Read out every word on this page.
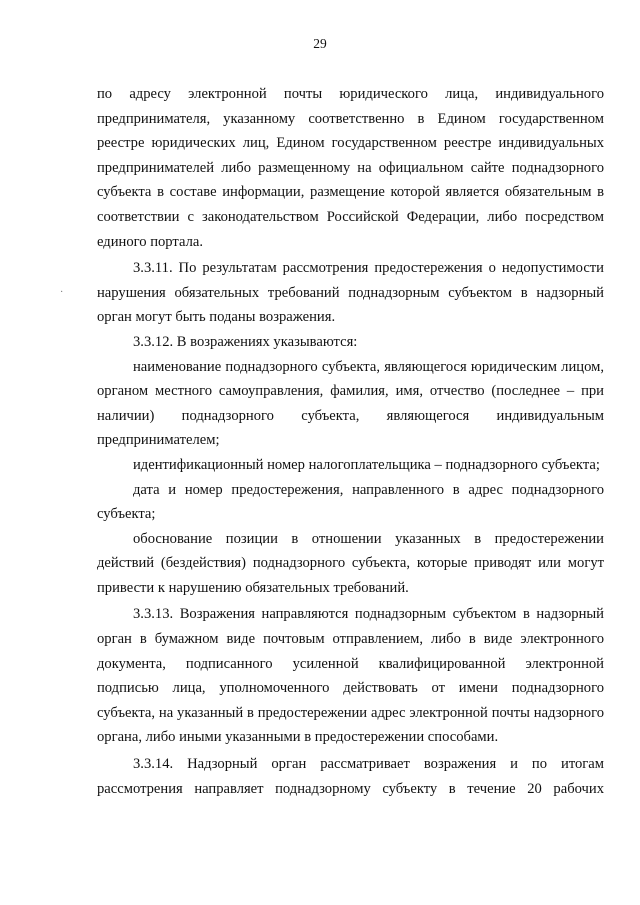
29
·

по адресу электронной почты юридического лица, индивидуального предпринимателя, указанному соответственно в Едином государственном реестре юридических лиц, Едином государственном реестре индивидуальных предпринимателей либо размещенному на официальном сайте поднадзорного субъекта в составе информации, размещение которой является обязательным в соответствии с законодательством Российской Федерации, либо посредством единого портала.

3.3.11. По результатам рассмотрения предостережения о недопустимости нарушения обязательных требований поднадзорным субъектом в надзорный орган могут быть поданы возражения.

3.3.12. В возражениях указываются:

наименование поднадзорного субъекта, являющегося юридическим лицом, органом местного самоуправления, фамилия, имя, отчество (последнее – при наличии) поднадзорного субъекта, являющегося индивидуальным предпринимателем;

идентификационный номер налогоплательщика – поднадзорного субъекта;

дата и номер предостережения, направленного в адрес поднадзорного субъекта;

обоснование позиции в отношении указанных в предостережении действий (бездействия) поднадзорного субъекта, которые приводят или могут привести к нарушению обязательных требований.

3.3.13. Возражения направляются поднадзорным субъектом в надзорный орган в бумажном виде почтовым отправлением, либо в виде электронного документа, подписанного усиленной квалифицированной электронной подписью лица, уполномоченного действовать от имени поднадзорного субъекта, на указанный в предостережении адрес электронной почты надзорного органа, либо иными указанными в предостережении способами.

3.3.14. Надзорный орган рассматривает возражения и по итогам рассмотрения направляет поднадзорному субъекту в течение 20 рабочих
